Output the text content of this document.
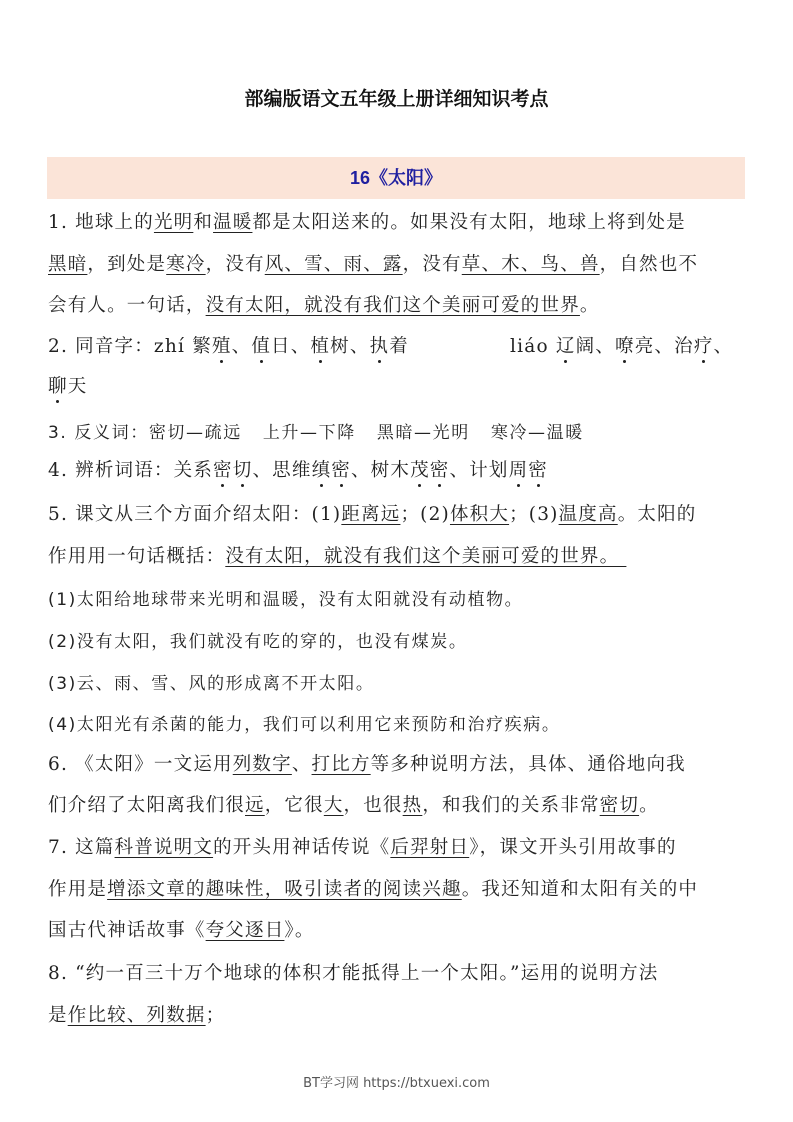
部编版语文五年级上册详细知识考点
16《太阳》
1. 地球上的光明和温暖都是太阳送来的。如果没有太阳，地球上将到处是
黑暗，到处是寒冷，没有风、雪、雨、露，没有草、木、鸟、兽，自然也不
会有人。一句话，没有太阳，就没有我们这个美丽可爱的世界。
2. 同音字：zhí 繁殖、值日、植树、执着	liáo 辽阔、嘹亮、治疗、
聊天
3. 反义词：密切—疏远   上升—下降   黑暗—光明   寒冷—温暖
4. 辨析词语：关系密切、思维缜密、树木茂密、计划周密
5. 课文从三个方面介绍太阳：(1)距离远；(2)体积大；(3)温度高。太阳的
作用用一句话概括：没有太阳，就没有我们这个美丽可爱的世界。
(1)太阳给地球带来光明和温暖，没有太阳就没有动植物。
(2)没有太阳，我们就没有吃的穿的，也没有煤炭。
(3)云、雨、雪、风的形成离不开太阳。
(4)太阳光有杀菌的能力，我们可以利用它来预防和治疗疾病。
6. 《太阳》一文运用列数字、打比方等多种说明方法，具体、通俗地向我
们介绍了太阳离我们很远，它很大，也很热，和我们的关系非常密切。
7. 这篇科普说明文的开头用神话传说《后羿射日》，课文开头引用故事的
作用是增添文章的趣味性，吸引读者的阅读兴趣。我还知道和太阳有关的中
国古代神话故事《夸父逐日》。
8. “约一百三十万个地球的体积才能抵得上一个太阳。”运用的说明方法
是作比较、列数据；
BT学习网 https://btxuexi.com
